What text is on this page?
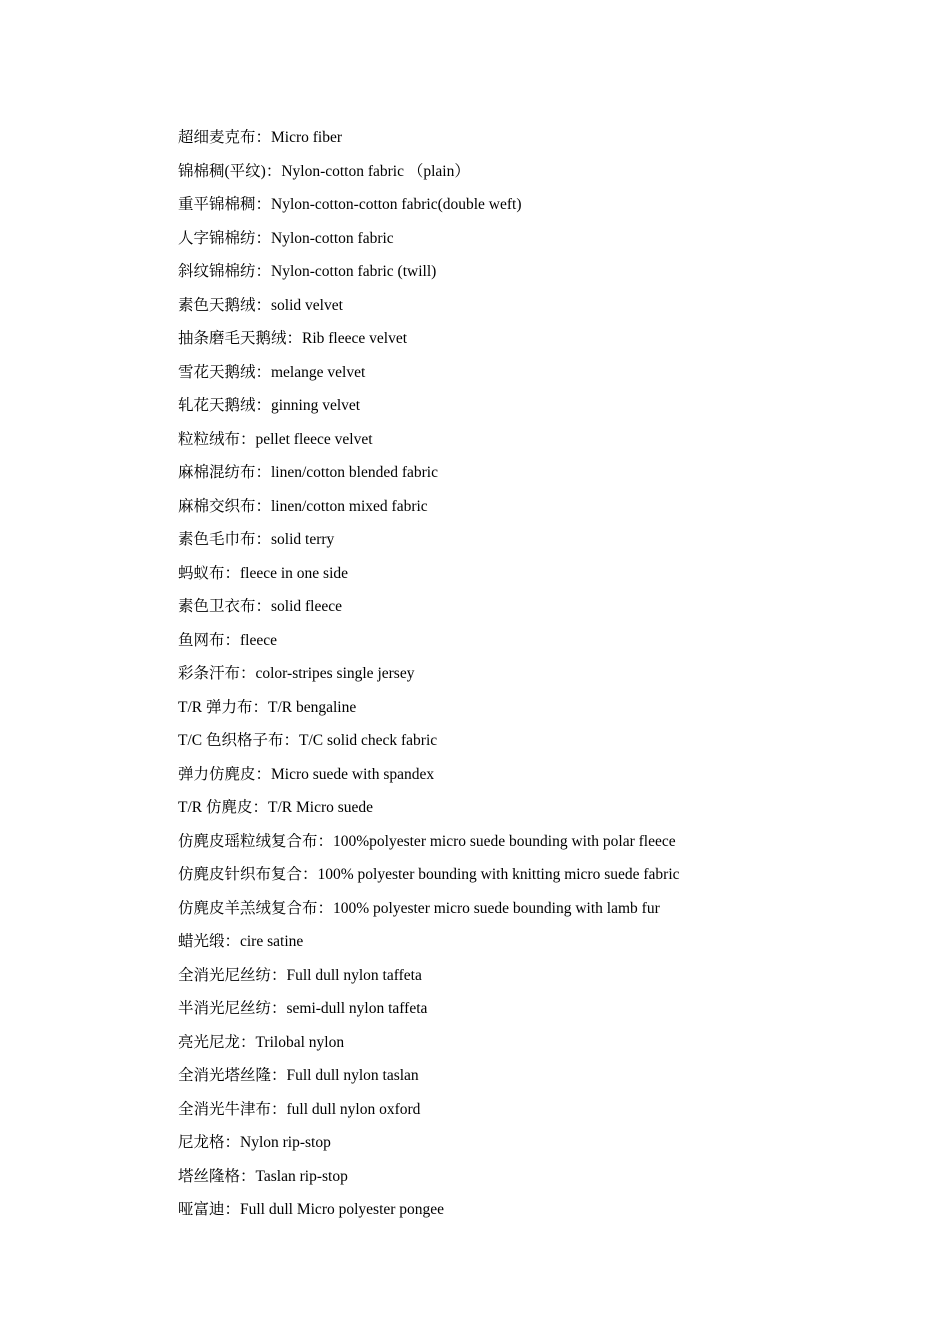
超细麦克布：Micro fiber
锦棉稠(平纹)：Nylon-cotton fabric （plain）
重平锦棉稠：Nylon-cotton-cotton fabric(double weft)
人字锦棉纺：Nylon-cotton fabric
斜纹锦棉纺：Nylon-cotton fabric (twill)
素色天鹅绒：solid velvet
抽条磨毛天鹅绒：Rib fleece velvet
雪花天鹅绒：melange velvet
轧花天鹅绒：ginning velvet
粒粒绒布：pellet fleece velvet
麻棉混纺布：linen/cotton blended fabric
麻棉交织布：linen/cotton mixed fabric
素色毛巾布：solid terry
蚂蚁布：fleece in one side
素色卫衣布：solid fleece
鱼网布：fleece
彩条汗布：color-stripes single jersey
T/R 弹力布：T/R bengaline
T/C 色织格子布：T/C solid check fabric
弹力仿麂皮：Micro suede with spandex
T/R 仿麂皮：T/R Micro suede
仿麂皮瑶粒绒复合布：100%polyester micro suede bounding with polar fleece
仿麂皮针织布复合：100% polyester bounding with knitting micro suede fabric
仿麂皮羊羔绒复合布：100% polyester micro suede bounding with lamb fur
蜡光缎：cire satine
全消光尼丝纺：Full dull nylon taffeta
半消光尼丝纺：semi-dull nylon taffeta
亮光尼龙：Trilobal nylon
全消光塔丝隆：Full dull nylon taslan
全消光牛津布：full dull nylon oxford
尼龙格：Nylon rip-stop
塔丝隆格：Taslan rip-stop
哑富迪：Full dull Micro polyester pongee
